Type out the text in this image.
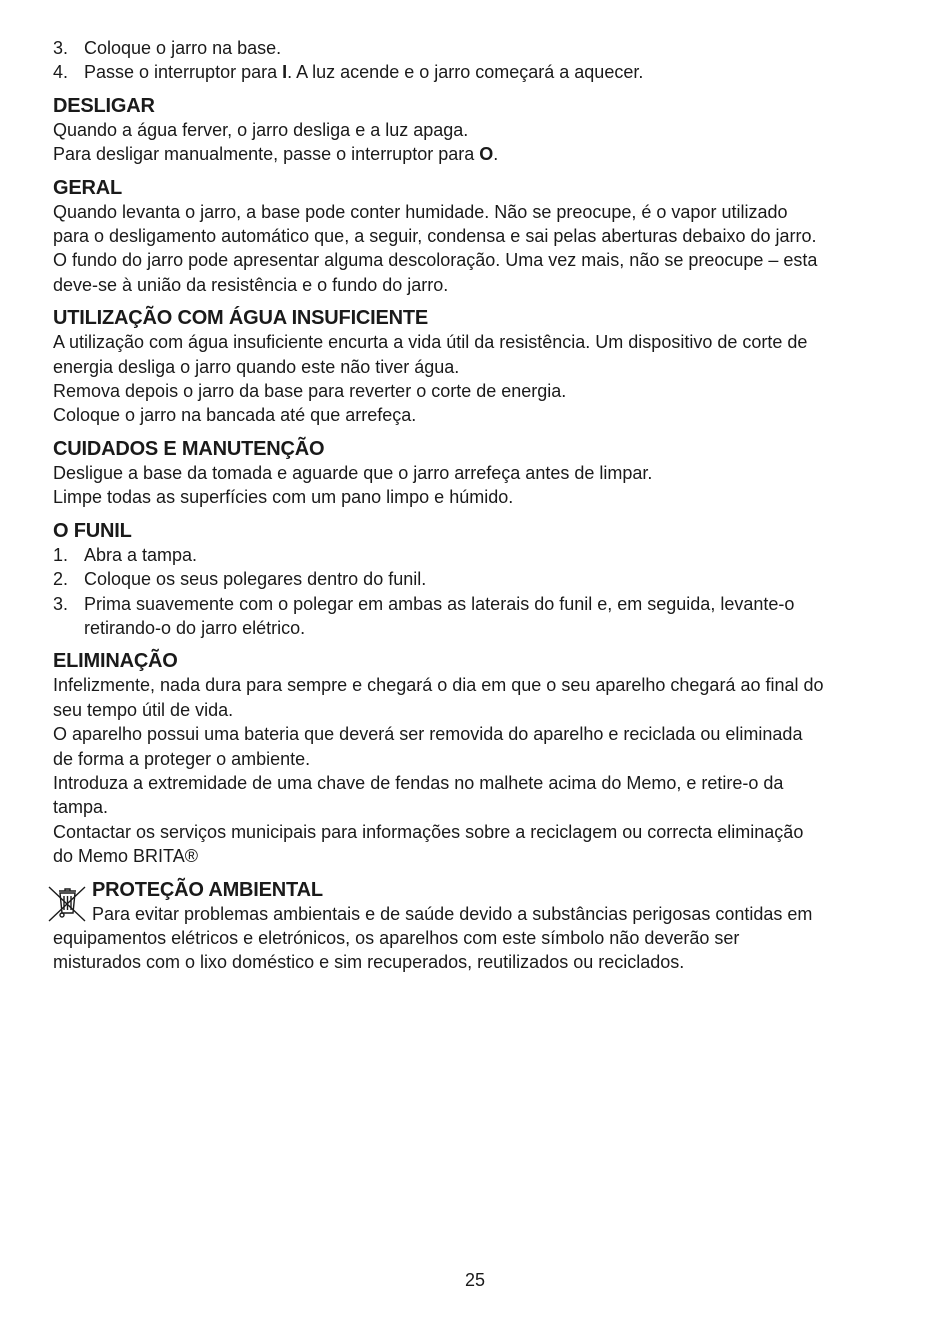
3. Coloque o jarro na base.
4. Passe o interruptor para I. A luz acende e o jarro começará a aquecer.
DESLIGAR
Quando a água ferver, o jarro desliga e a luz apaga.
Para desligar manualmente, passe o interruptor para O.
GERAL
Quando levanta o jarro, a base pode conter humidade. Não se preocupe, é o vapor utilizado
para o desligamento automático que, a seguir, condensa e sai pelas aberturas debaixo do jarro.
O fundo do jarro pode apresentar alguma descoloração. Uma vez mais, não se preocupe – esta
deve-se à união da resistência e o fundo do jarro.
UTILIZAÇÃO COM ÁGUA INSUFICIENTE
A utilização com água insuficiente encurta a vida útil da resistência. Um dispositivo de corte de
energia desliga o jarro quando este não tiver água.
Remova depois o jarro da base para reverter o corte de energia.
Coloque o jarro na bancada até que arrefeça.
CUIDADOS E MANUTENÇÃO
Desligue a base da tomada e aguarde que o jarro arrefeça antes de limpar.
Limpe todas as superfícies com um pano limpo e húmido.
O FUNIL
1. Abra a tampa.
2. Coloque os seus polegares dentro do funil.
3. Prima suavemente com o polegar em ambas as laterais do funil e, em seguida, levante-o
retirando-o do jarro elétrico.
ELIMINAÇÃO
Infelizmente, nada dura para sempre e chegará o dia em que o seu aparelho chegará ao final do
seu tempo útil de vida.
O aparelho possui uma bateria que deverá ser removida do aparelho e reciclada ou eliminada
de forma a proteger o ambiente.
Introduza a extremidade de uma chave de fendas no malhete acima do Memo, e retire-o da
tampa.
Contactar os serviços municipais para informações sobre a reciclagem ou correcta eliminação
do Memo BRITA®
PROTEÇÃO AMBIENTAL
Para evitar problemas ambientais e de saúde devido a substâncias perigosas contidas em
equipamentos elétricos e eletrónicos, os aparelhos com este símbolo não deverão ser
misturados com o lixo doméstico e sim recuperados, reutilizados ou reciclados.
25
